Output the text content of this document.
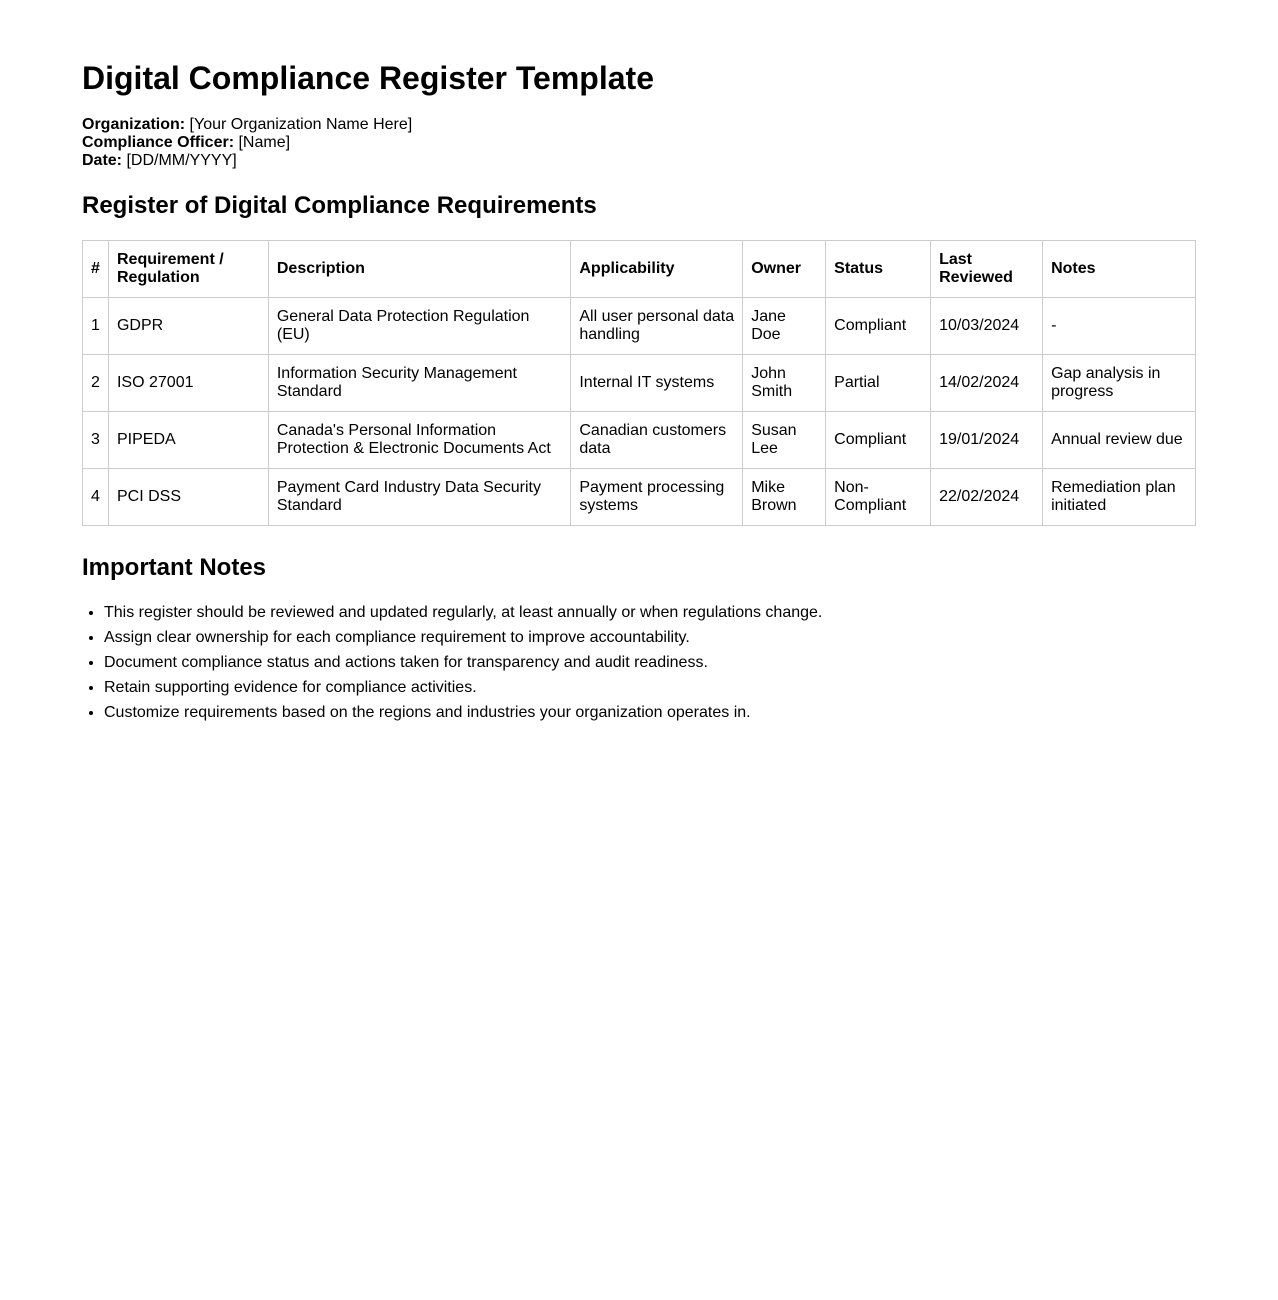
Digital Compliance Register Template
Organization: [Your Organization Name Here]
Compliance Officer: [Name]
Date: [DD/MM/YYYY]
Register of Digital Compliance Requirements
#	Requirement / Regulation	Description	Applicability	Owner	Status	Last Reviewed	Notes
1	GDPR	General Data Protection Regulation (EU)	All user personal data handling	Jane Doe	Compliant	10/03/2024	-
2	ISO 27001	Information Security Management Standard	Internal IT systems	John Smith	Partial	14/02/2024	Gap analysis in progress
3	PIPEDA	Canada's Personal Information Protection & Electronic Documents Act	Canadian customers data	Susan Lee	Compliant	19/01/2024	Annual review due
4	PCI DSS	Payment Card Industry Data Security Standard	Payment processing systems	Mike Brown	Non-Compliant	22/02/2024	Remediation plan initiated
Important Notes
• This register should be reviewed and updated regularly, at least annually or when regulations change.
• Assign clear ownership for each compliance requirement to improve accountability.
• Document compliance status and actions taken for transparency and audit readiness.
• Retain supporting evidence for compliance activities.
• Customize requirements based on the regions and industries your organization operates in.
